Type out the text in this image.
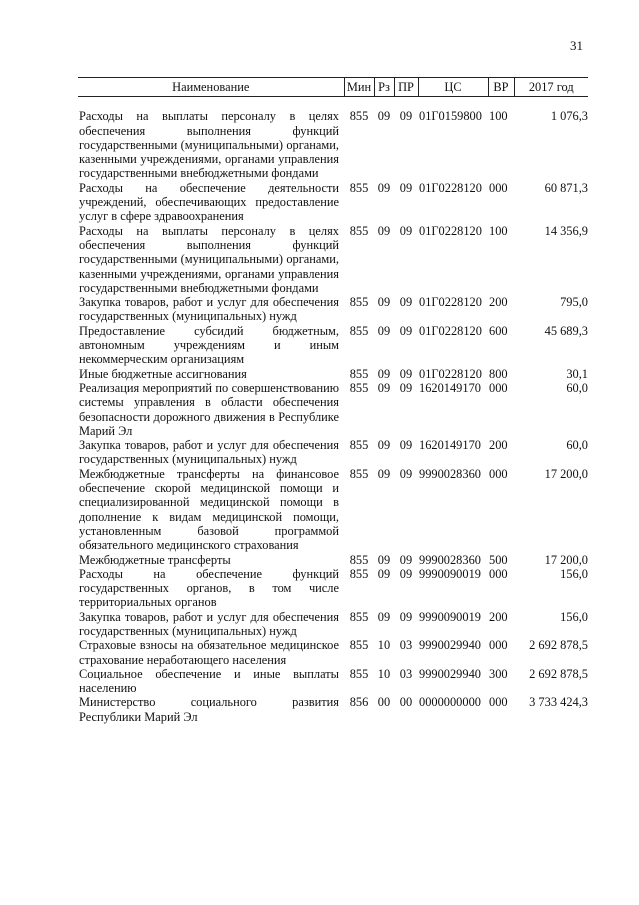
31
Наименование	Мин	Рз	ПР	ЦС	ВР	2017 год
Расходы на выплаты персоналу в целях обеспечения выполнения функций государственными (муниципальными) органами, казенными учреждениями, органами управления государственными внебюджетными фондами	855	09	09	01Г0159800	100	1 076,3
Расходы на обеспечение деятельности учреждений, обеспечивающих предоставление услуг в сфере здравоохранения	855	09	09	01Г0228120	000	60 871,3
Расходы на выплаты персоналу в целях обеспечения выполнения функций государственными (муниципальными) органами, казенными учреждениями, органами управления государственными внебюджетными фондами	855	09	09	01Г0228120	100	14 356,9
Закупка товаров, работ и услуг для обеспечения государственных (муниципальных) нужд	855	09	09	01Г0228120	200	795,0
Предоставление субсидий бюджетным, автономным учреждениям и иным некоммерческим организациям	855	09	09	01Г0228120	600	45 689,3
Иные бюджетные ассигнования	855	09	09	01Г0228120	800	30,1
Реализация мероприятий по совершенствованию системы управления в области обеспечения безопасности дорожного движения в Республике Марий Эл	855	09	09	1620149170	000	60,0
Закупка товаров, работ и услуг для обеспечения государственных (муниципальных) нужд	855	09	09	1620149170	200	60,0
Межбюджетные трансферты на финансовое обеспечение скорой медицинской помощи и специализированной медицинской помощи в дополнение к видам медицинской помощи, установленным базовой программой обязательного медицинского страхования	855	09	09	9990028360	000	17 200,0
Межбюджетные трансферты	855	09	09	9990028360	500	17 200,0
Расходы на обеспечение функций государственных органов, в том числе территориальных органов	855	09	09	9990090019	000	156,0
Закупка товаров, работ и услуг для обеспечения государственных (муниципальных) нужд	855	09	09	9990090019	200	156,0
Страховые взносы на обязательное медицинское страхование неработающего населения	855	10	03	9990029940	000	2 692 878,5
Социальное обеспечение и иные выплаты населению	855	10	03	9990029940	300	2 692 878,5
Министерство социального развития Республики Марий Эл	856	00	00	0000000000	000	3 733 424,3
